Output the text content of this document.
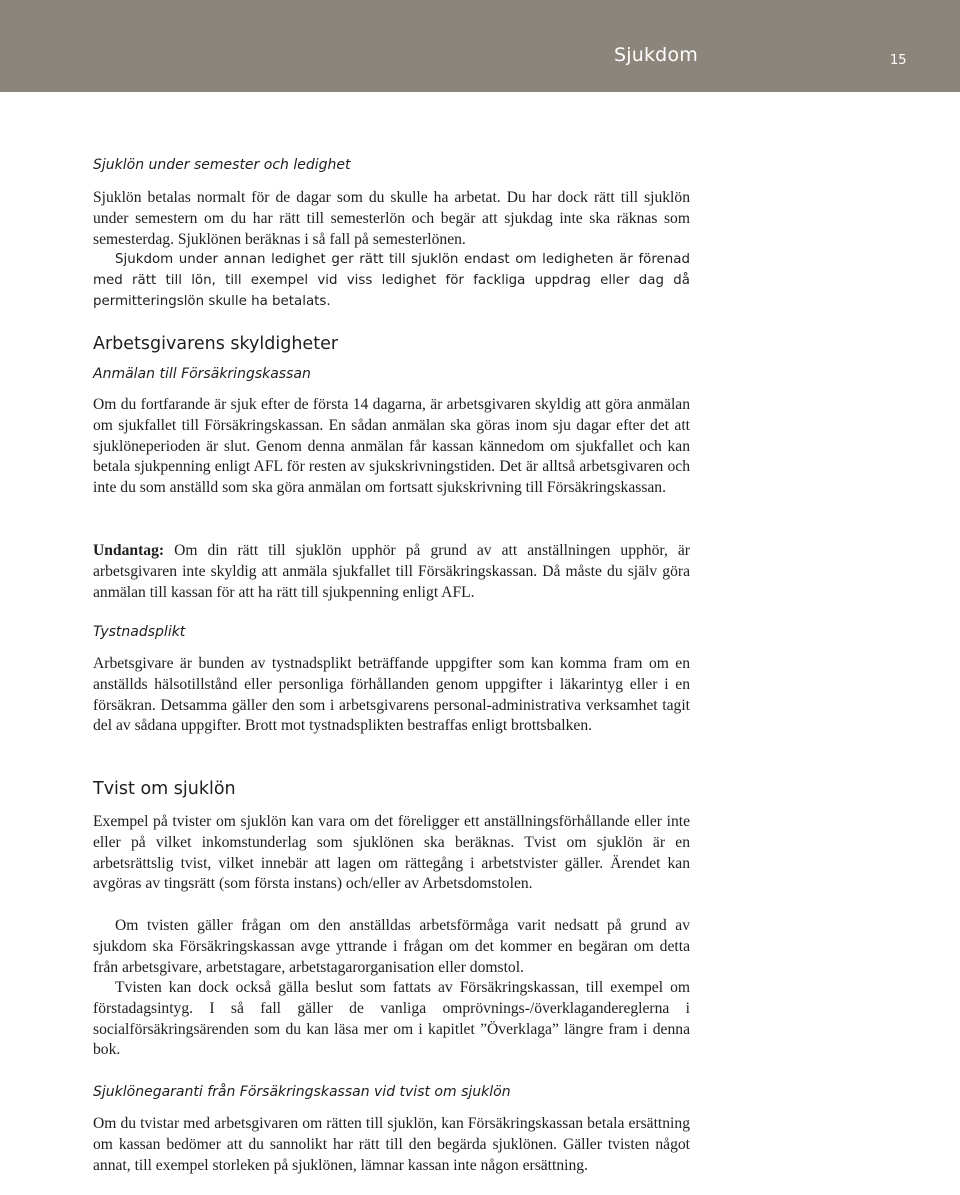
Sjukdom	15
Sjuklön under semester och ledighet

Sjuklön betalas normalt för de dagar som du skulle ha arbetat. Du har dock rätt till sjuklön under semestern om du har rätt till semesterlön och begär att sjukdag inte ska räknas som semesterdag. Sjuklönen beräknas i så fall på semesterlönen.

Sjukdom under annan ledighet ger rätt till sjuklön endast om ledigheten är förenad med rätt till lön, till exempel vid viss ledighet för fackliga uppdrag eller dag då permitteringslön skulle ha betalats.

Arbetsgivarens skyldigheter
Anmälan till Försäkringskassan

Om du fortfarande är sjuk efter de första 14 dagarna, är arbetsgivaren skyldig att göra anmälan om sjukfallet till Försäkringskassan. En sådan anmälan ska göras inom sju dagar efter det att sjuklöneperioden är slut. Genom denna anmälan får kassan kännedom om sjukfallet och kan betala sjukpenning enligt AFL för resten av sjukskrivningstiden. Det är alltså arbetsgivaren och inte du som anställd som ska göra anmälan om fortsatt sjukskrivning till Försäkringskassan.

Undantag: Om din rätt till sjuklön upphör på grund av att anställningen upphör, är arbetsgivaren inte skyldig att anmäla sjukfallet till Försäkringskassan. Då måste du själv göra anmälan till kassan för att ha rätt till sjukpenning enligt AFL.

Tystnadsplikt

Arbetsgivare är bunden av tystnadsplikt beträffande uppgifter som kan komma fram om en anställds hälsotillstånd eller personliga förhållanden genom uppgifter i läkarintyg eller i en försäkran. Detsamma gäller den som i arbetsgivarens personal-administrativa verksamhet tagit del av sådana uppgifter. Brott mot tystnadsplikten bestraffas enligt brottsbalken.

Tvist om sjuklön

Exempel på tvister om sjuklön kan vara om det föreligger ett anställningsförhållande eller inte eller på vilket inkomstunderlag som sjuklönen ska beräknas. Tvist om sjuklön är en arbetsrättslig tvist, vilket innebär att lagen om rättegång i arbetstvister gäller. Ärendet kan avgöras av tingsrätt (som första instans) och/eller av Arbetsdomstolen.

Om tvisten gäller frågan om den anställdas arbetsförmåga varit nedsatt på grund av sjukdom ska Försäkringskassan avge yttrande i frågan om det kommer en begäran om detta från arbetsgivare, arbetstagare, arbetstagarorganisation eller domstol.

Tvisten kan dock också gälla beslut som fattats av Försäkringskassan, till exempel om förstadagsintyg. I så fall gäller de vanliga omprövnings-/överklagandereglerna i socialförsäkringsärenden som du kan läsa mer om i kapitlet ”Överklaga” längre fram i denna bok.

Sjuklönegaranti från Försäkringskassan vid tvist om sjuklön

Om du tvistar med arbetsgivaren om rätten till sjuklön, kan Försäkringskassan betala ersättning om kassan bedömer att du sannolikt har rätt till den begärda sjuklönen. Gäller tvisten något annat, till exempel storleken på sjuklönen, lämnar kassan inte någon ersättning.
